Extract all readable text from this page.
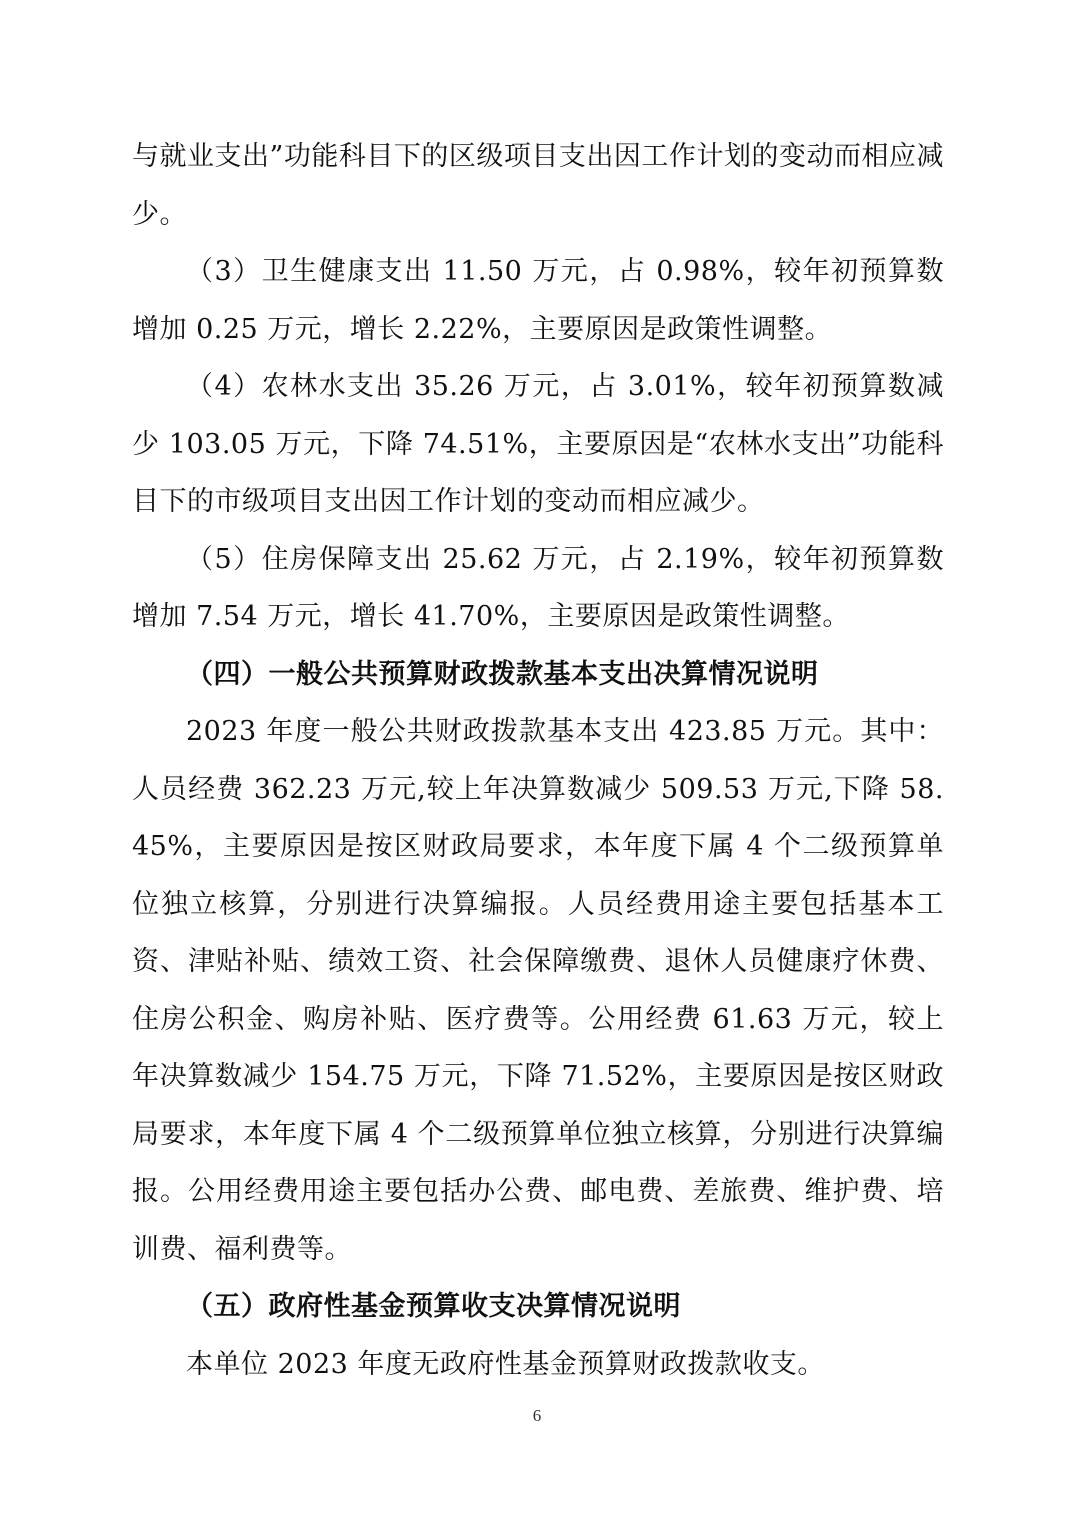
与就业支出”功能科目下的区级项目支出因工作计划的变动而相应减少。

（3）卫生健康支出 11.50 万元，占 0.98%，较年初预算数增加 0.25 万元，增长 2.22%，主要原因是政策性调整。

（4）农林水支出 35.26 万元，占 3.01%，较年初预算数减少 103.05 万元，下降 74.51%，主要原因是“农林水支出”功能科目下的市级项目支出因工作计划的变动而相应减少。

（5）住房保障支出 25.62 万元，占 2.19%，较年初预算数增加 7.54 万元，增长 41.70%，主要原因是政策性调整。

（四）一般公共预算财政拨款基本支出决算情况说明

2023 年度一般公共财政拨款基本支出 423.85 万元。其中：人员经费 362.23 万元,较上年决算数减少 509.53 万元,下降 58.45%，主要原因是按区财政局要求，本年度下属 4 个二级预算单位独立核算，分别进行决算编报。人员经费用途主要包括基本工资、津贴补贴、绩效工资、社会保障缴费、退休人员健康疗休费、住房公积金、购房补贴、医疗费等。公用经费 61.63 万元，较上年决算数减少 154.75 万元，下降 71.52%，主要原因是按区财政局要求，本年度下属 4 个二级预算单位独立核算，分别进行决算编报。公用经费用途主要包括办公费、邮电费、差旅费、维护费、培训费、福利费等。

（五）政府性基金预算收支决算情况说明

本单位 2023 年度无政府性基金预算财政拨款收支。

6
